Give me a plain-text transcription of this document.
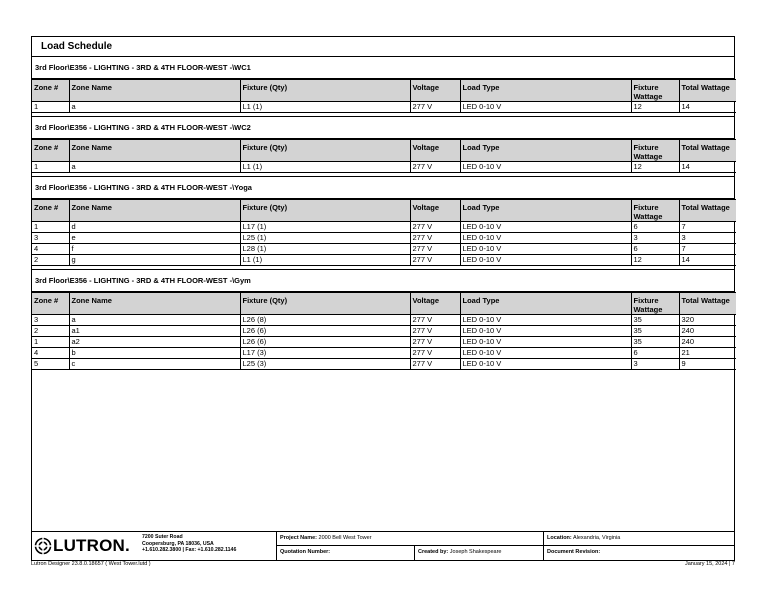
Load Schedule
3rd Floor\E356 - LIGHTING - 3RD & 4TH FLOOR-WEST -\WC1
Zone #	Zone Name	Fixture (Qty)	Voltage	Load Type	Fixture Wattage	Total Wattage
1	a	L1 (1)	277 V	LED 0-10 V	12	14
3rd Floor\E356 - LIGHTING - 3RD & 4TH FLOOR-WEST -\WC2
Zone #	Zone Name	Fixture (Qty)	Voltage	Load Type	Fixture Wattage	Total Wattage
1	a	L1 (1)	277 V	LED 0-10 V	12	14
3rd Floor\E356 - LIGHTING - 3RD & 4TH FLOOR-WEST -\Yoga
Zone #	Zone Name	Fixture (Qty)	Voltage	Load Type	Fixture Wattage	Total Wattage
1	d	L17 (1)	277 V	LED 0-10 V	6	7
3	e	L25 (1)	277 V	LED 0-10 V	3	3
4	f	L28 (1)	277 V	LED 0-10 V	6	7
2	g	L1 (1)	277 V	LED 0-10 V	12	14
3rd Floor\E356 - LIGHTING - 3RD & 4TH FLOOR-WEST -\Gym
Zone #	Zone Name	Fixture (Qty)	Voltage	Load Type	Fixture Wattage	Total Wattage
3	a	L26 (8)	277 V	LED 0-10 V	35	320
2	a1	L26 (6)	277 V	LED 0-10 V	35	240
1	a2	L26 (6)	277 V	LED 0-10 V	35	240
4	b	L17 (3)	277 V	LED 0-10 V	6	21
5	c	L25 (3)	277 V	LED 0-10 V	3	9
LUTRON. 7200 Suter Road
Coopersburg, PA 18036, USA
+1.610.282.3800 | Fax: +1.610.282.1146
Project Name: 2000 Bell West Tower	Location: Alexandria, Virginia
Quotation Number:	Created by: Joseph Shakespeare	Document Revision:
Lutron Designer 23.8.0.18657 ( West Tower.lutd )	January 15, 2024 | 7
